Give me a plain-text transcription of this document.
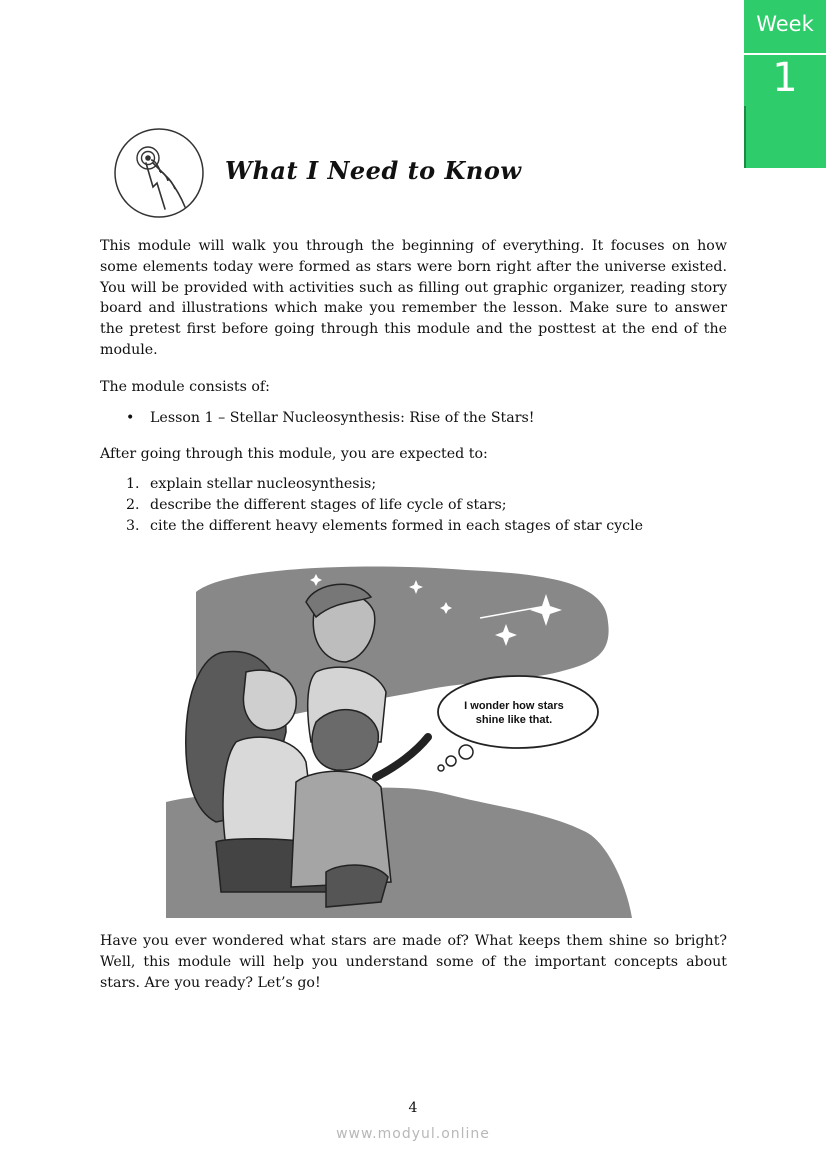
Week
1
What I Need to Know

This module will walk you through the beginning of everything. It focuses on how some elements today were formed as stars were born right after the universe existed. You will be provided with activities such as filling out graphic organizer, reading story board and illustrations which make you remember the lesson. Make sure to answer the pretest first before going through this module and the posttest at the end of the module.

The module consists of:

• Lesson 1 – Stellar Nucleosynthesis: Rise of the Stars!

After going through this module, you are expected to:

1. explain stellar nucleosynthesis;
2. describe the different stages of life cycle of stars;
3. cite the different heavy elements formed in each stages of star cycle
I wonder how stars
shine like that.

Have you ever wondered what stars are made of? What keeps them shine so bright? Well, this module will help you understand some of the important concepts about stars. Are you ready? Let’s go!

4
www.modyul.online
